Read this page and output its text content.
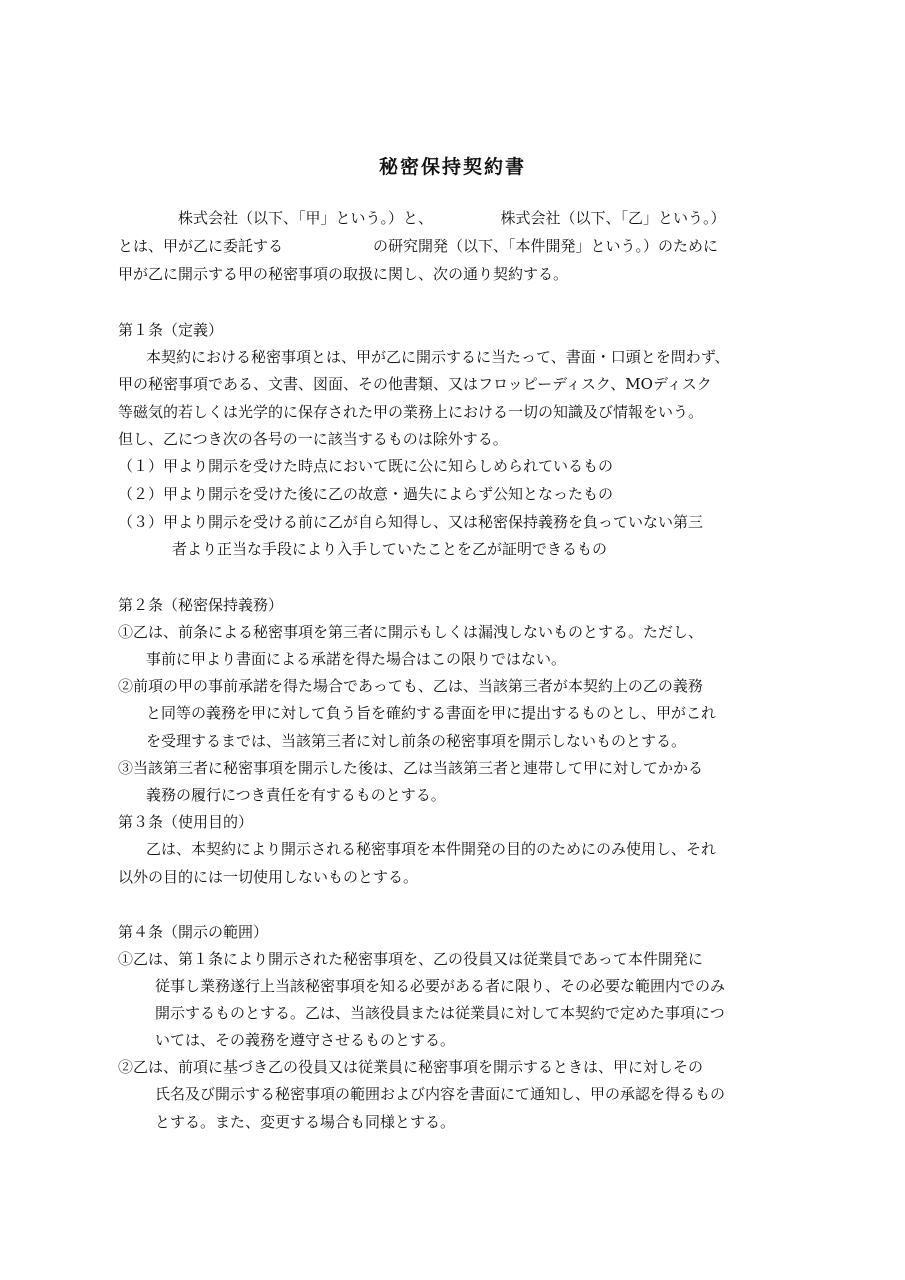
秘密保持契約書
　　　　株式会社（以下、「甲」という。）と、　　　　　株式会社（以下、「乙」という。）
とは、甲が乙に委託する　　　　　　の研究開発（以下、「本件開発」という。）のために
甲が乙に開示する甲の秘密事項の取扱に関し、次の通り契約する。
第１条（定義）
本契約における秘密事項とは、甲が乙に開示するに当たって、書面・口頭とを問わず、
甲の秘密事項である、文書、図面、その他書類、又はフロッピーディスク、MOディスク
等磁気的若しくは光学的に保存された甲の業務上における一切の知識及び情報をいう。
但し、乙につき次の各号の一に該当するものは除外する。
（１）甲より開示を受けた時点において既に公に知らしめられているもの
（２）甲より開示を受けた後に乙の故意・過失によらず公知となったもの
（３）甲より開示を受ける前に乙が自ら知得し、又は秘密保持義務を負っていない第三
者より正当な手段により入手していたことを乙が証明できるもの
第２条（秘密保持義務）
①乙は、前条による秘密事項を第三者に開示もしくは漏洩しないものとする。ただし、
事前に甲より書面による承諾を得た場合はこの限りではない。
②前項の甲の事前承諾を得た場合であっても、乙は、当該第三者が本契約上の乙の義務
と同等の義務を甲に対して負う旨を確約する書面を甲に提出するものとし、甲がこれ
を受理するまでは、当該第三者に対し前条の秘密事項を開示しないものとする。
③当該第三者に秘密事項を開示した後は、乙は当該第三者と連帯して甲に対してかかる
義務の履行につき責任を有するものとする。
第３条（使用目的）
乙は、本契約により開示される秘密事項を本件開発の目的のためにのみ使用し、それ
以外の目的には一切使用しないものとする。
第４条（開示の範囲）
①乙は、第１条により開示された秘密事項を、乙の役員又は従業員であって本件開発に
従事し業務遂行上当該秘密事項を知る必要がある者に限り、その必要な範囲内でのみ
開示するものとする。乙は、当該役員または従業員に対して本契約で定めた事項につ
いては、その義務を遵守させるものとする。
②乙は、前項に基づき乙の役員又は従業員に秘密事項を開示するときは、甲に対しその
氏名及び開示する秘密事項の範囲および内容を書面にて通知し、甲の承認を得るもの
とする。また、変更する場合も同様とする。
